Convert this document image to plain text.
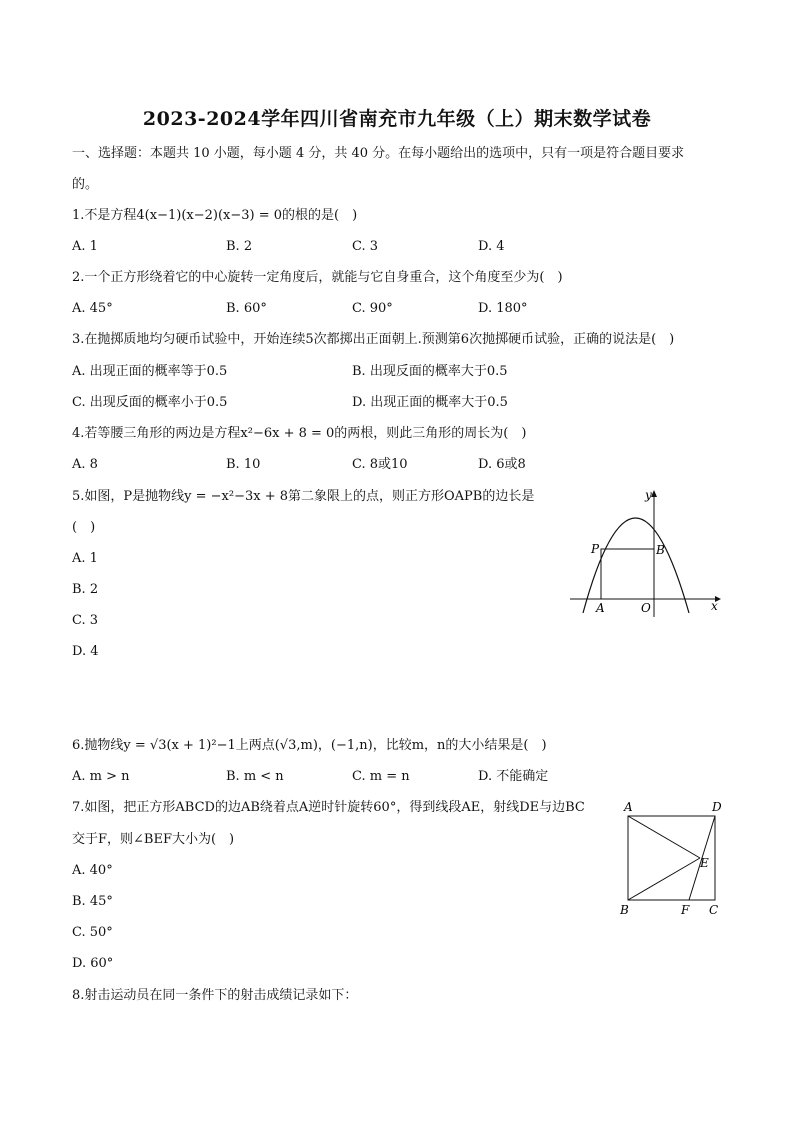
2023-2024学年四川省南充市九年级（上）期末数学试卷
一、选择题：本题共 10 小题，每小题 4 分，共 40 分。在每小题给出的选项中，只有一项是符合题目要求
的。
1.不是方程4(x−1)(x−2)(x−3) = 0的根的是(　)
A. 1	B. 2	C. 3	D. 4
2.一个正方形绕着它的中心旋转一定角度后，就能与它自身重合，这个角度至少为(　)
A. 45°	B. 60°	C. 90°	D. 180°
3.在抛掷质地均匀硬币试验中，开始连续5次都掷出正面朝上.预测第6次抛掷硬币试验，正确的说法是(　)
A. 出现正面的概率等于0.5	B. 出现反面的概率大于0.5
C. 出现反面的概率小于0.5	D. 出现正面的概率大于0.5
4.若等腰三角形的两边是方程x²−6x + 8 = 0的两根，则此三角形的周长为(　)
A. 8	B. 10	C. 8或10	D. 6或8
5.如图，P是抛物线y = −x²−3x + 8第二象限上的点，则正方形OAPB的边长是
(　)
A. 1
B. 2
C. 3
D. 4
y
x
P	B
A	O
6.抛物线y = √3(x + 1)²−1上两点(√3,m)，(−1,n)，比较m，n的大小结果是(　)
A. m > n	B. m < n	C. m = n	D. 不能确定
7.如图，把正方形ABCD的边AB绕着点A逆时针旋转60°，得到线段AE，射线DE与边BC
交于F，则∠BEF大小为(　)
A. 40°
B. 45°
C. 50°
D. 60°
A	D
E
B	F C
8.射击运动员在同一条件下的射击成绩记录如下：
